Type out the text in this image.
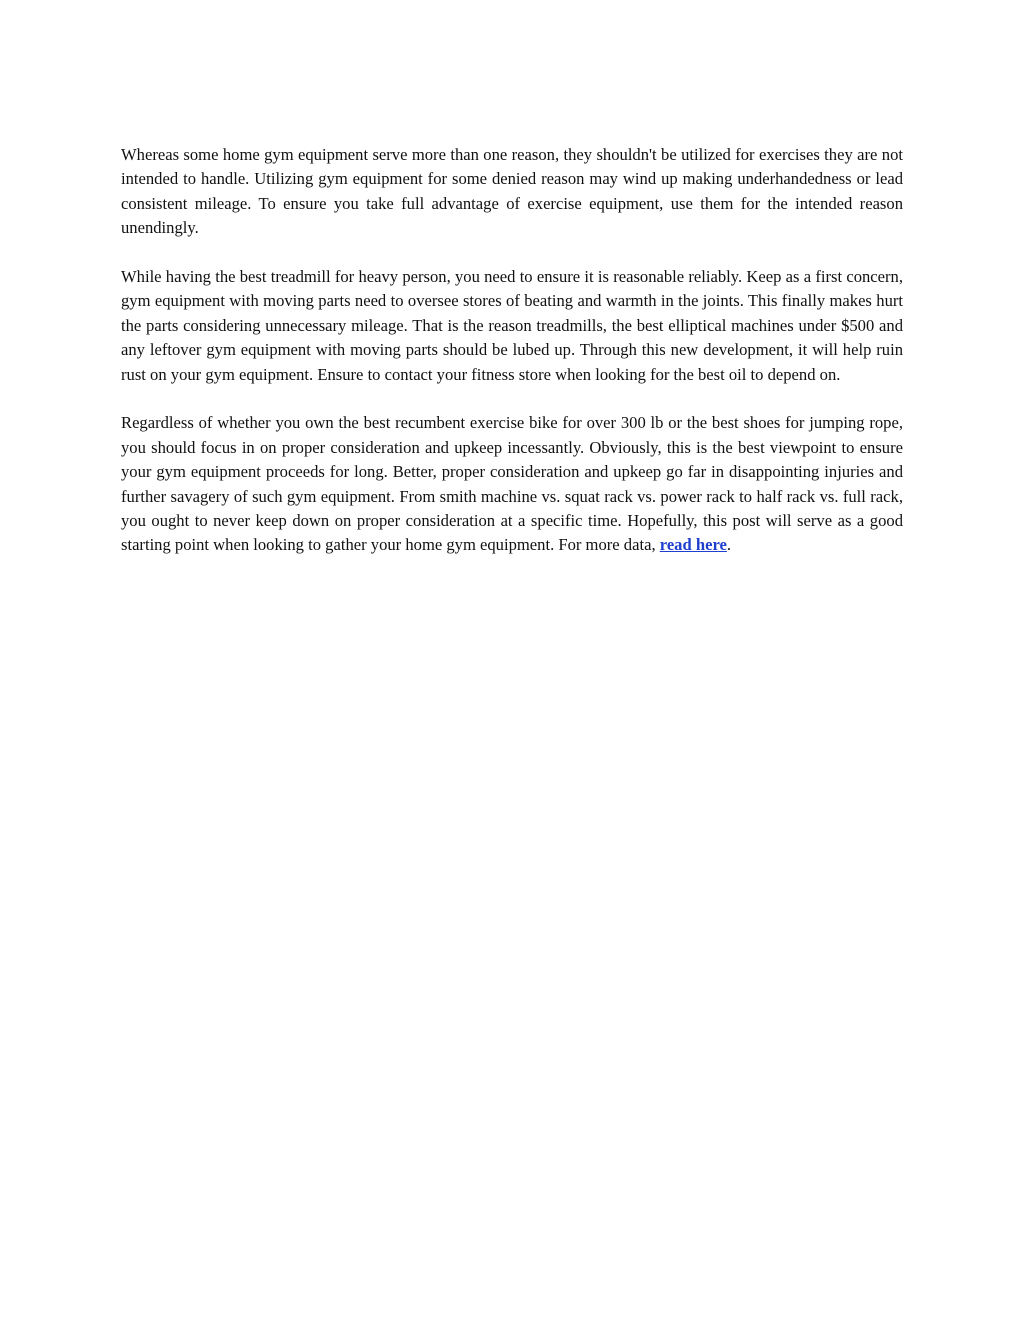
Whereas some home gym equipment serve more than one reason, they shouldn't be utilized for exercises they are not intended to handle. Utilizing gym equipment for some denied reason may wind up making underhandedness or lead consistent mileage. To ensure you take full advantage of exercise equipment, use them for the intended reason unendingly.

While having the best treadmill for heavy person, you need to ensure it is reasonable reliably. Keep as a first concern, gym equipment with moving parts need to oversee stores of beating and warmth in the joints. This finally makes hurt the parts considering unnecessary mileage. That is the reason treadmills, the best elliptical machines under $500 and any leftover gym equipment with moving parts should be lubed up. Through this new development, it will help ruin rust on your gym equipment. Ensure to contact your fitness store when looking for the best oil to depend on.

Regardless of whether you own the best recumbent exercise bike for over 300 lb or the best shoes for jumping rope, you should focus in on proper consideration and upkeep incessantly. Obviously, this is the best viewpoint to ensure your gym equipment proceeds for long. Better, proper consideration and upkeep go far in disappointing injuries and further savagery of such gym equipment. From smith machine vs. squat rack vs. power rack to half rack vs. full rack, you ought to never keep down on proper consideration at a specific time. Hopefully, this post will serve as a good starting point when looking to gather your home gym equipment. For more data, read here.
